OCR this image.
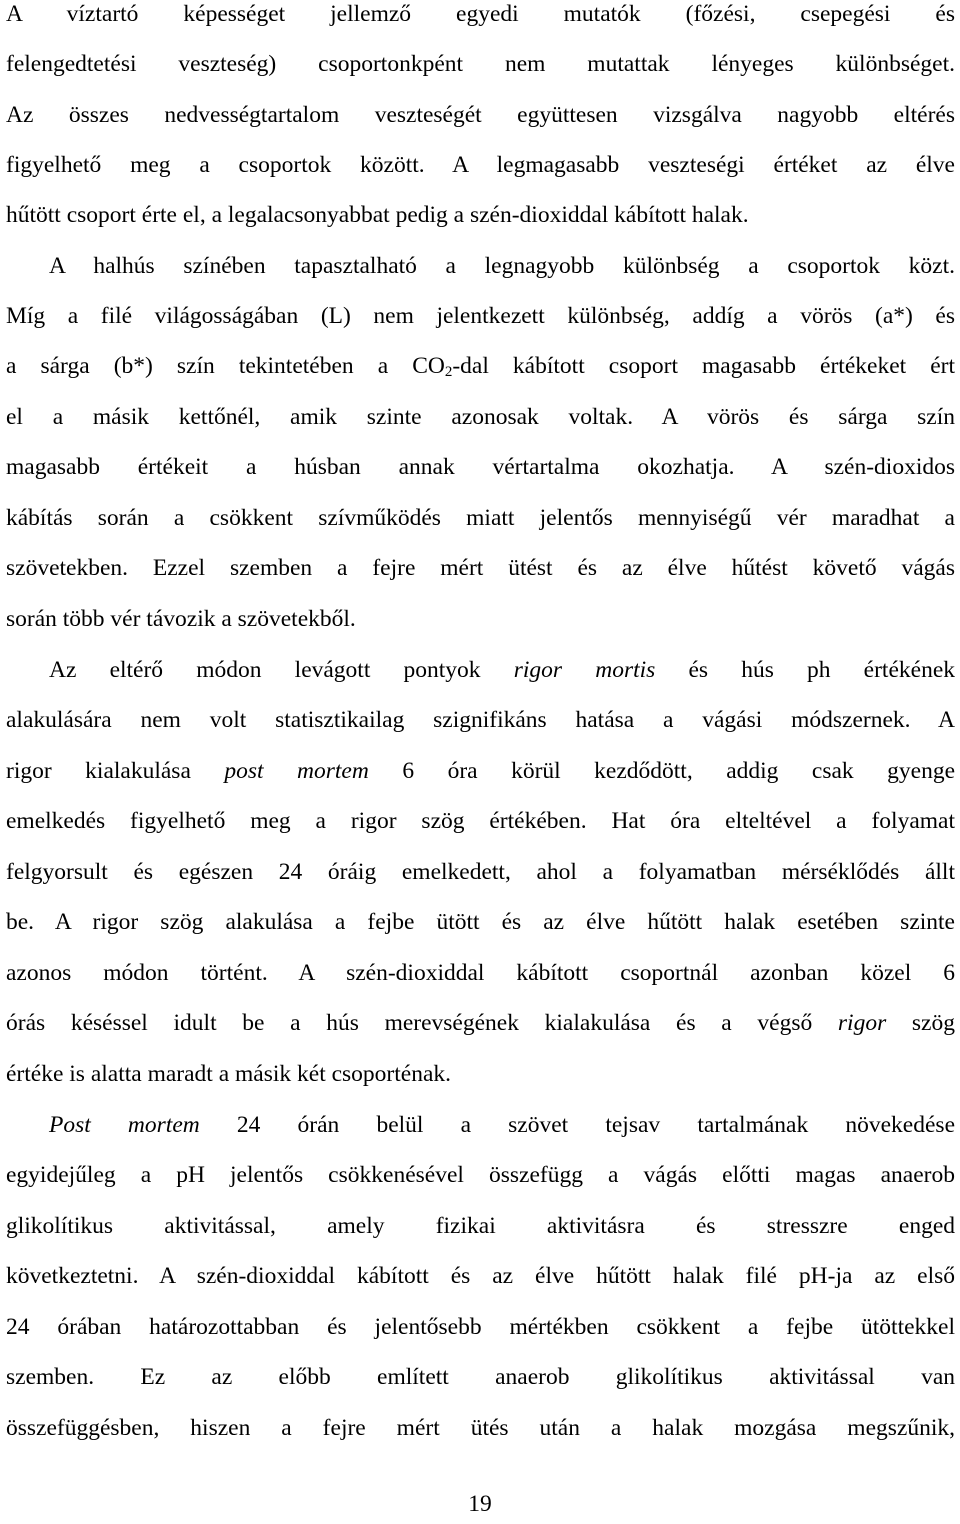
A víztartó képességet jellemző egyedi mutatók (főzési, csepegési és
felengedtetési veszteség) csoportonkpént nem mutattak lényeges különbséget.
Az összes nedvességtartalom veszteségét együttesen vizsgálva nagyobb eltérés
figyelhető meg a csoportok között. A legmagasabb veszteségi értéket az élve
hűtött csoport érte el, a legalacsonyabbat pedig a szén-dioxiddal kábított halak.
A halhús színében tapasztalható a legnagyobb különbség a csoportok közt.
Míg a filé világosságában (L) nem jelentkezett különbség, addíg a vörös (a*) és
a sárga (b*) szín tekintetében a $CO_2$-dal kábított csoport magasabb értékeket ért
el a másik kettőnél, amik szinte azonosak voltak. A vörös és sárga szín
magasabb értékeit a húsban annak vértartalma okozhatja. A szén-dioxidos
kábítás során a csökkent szívműködés miatt jelentős mennyiségű vér maradhat a
szövetekben. Ezzel szemben a fejre mért ütést és az élve hűtést követő vágás
során több vér távozik a szövetekből.
Az eltérő módon levágott pontyok rigor mortis és hús ph értékének
alakulására nem volt statisztikailag szignifikáns hatása a vágási módszernek. A
rigor kialakulása post mortem 6 óra körül kezdődött, addig csak gyenge
emelkedés figyelhető meg a rigor szög értékében. Hat óra elteltével a folyamat
felgyorsult és egészen 24 óráig emelkedett, ahol a folyamatban mérséklődés állt
be. A rigor szög alakulása a fejbe ütött és az élve hűtött halak esetében szinte
azonos módon történt. A szén-dioxiddal kábított csoportnál azonban közel 6
órás késéssel idult be a hús merevségének kialakulása és a végső rigor szög
értéke is alatta maradt a másik két csoporténak.
Post mortem 24 órán belül a szövet tejsav tartalmának növekedése
egyidejűleg a pH jelentős csökkenésével összefügg a vágás előtti magas anaerob
glikolítikus aktivitással, amely fizikai aktivitásra és stresszre enged
következtetni. A szén-dioxiddal kábított és az élve hűtött halak filé pH-ja az első
24 órában határozottabban és jelentősebb mértékben csökkent a fejbe ütöttekkel
szemben. Ez az előbb említett anaerob glikolítikus aktivitással van
összefüggésben, hiszen a fejre mért ütés után a halak mozgása megszűnik,
19
